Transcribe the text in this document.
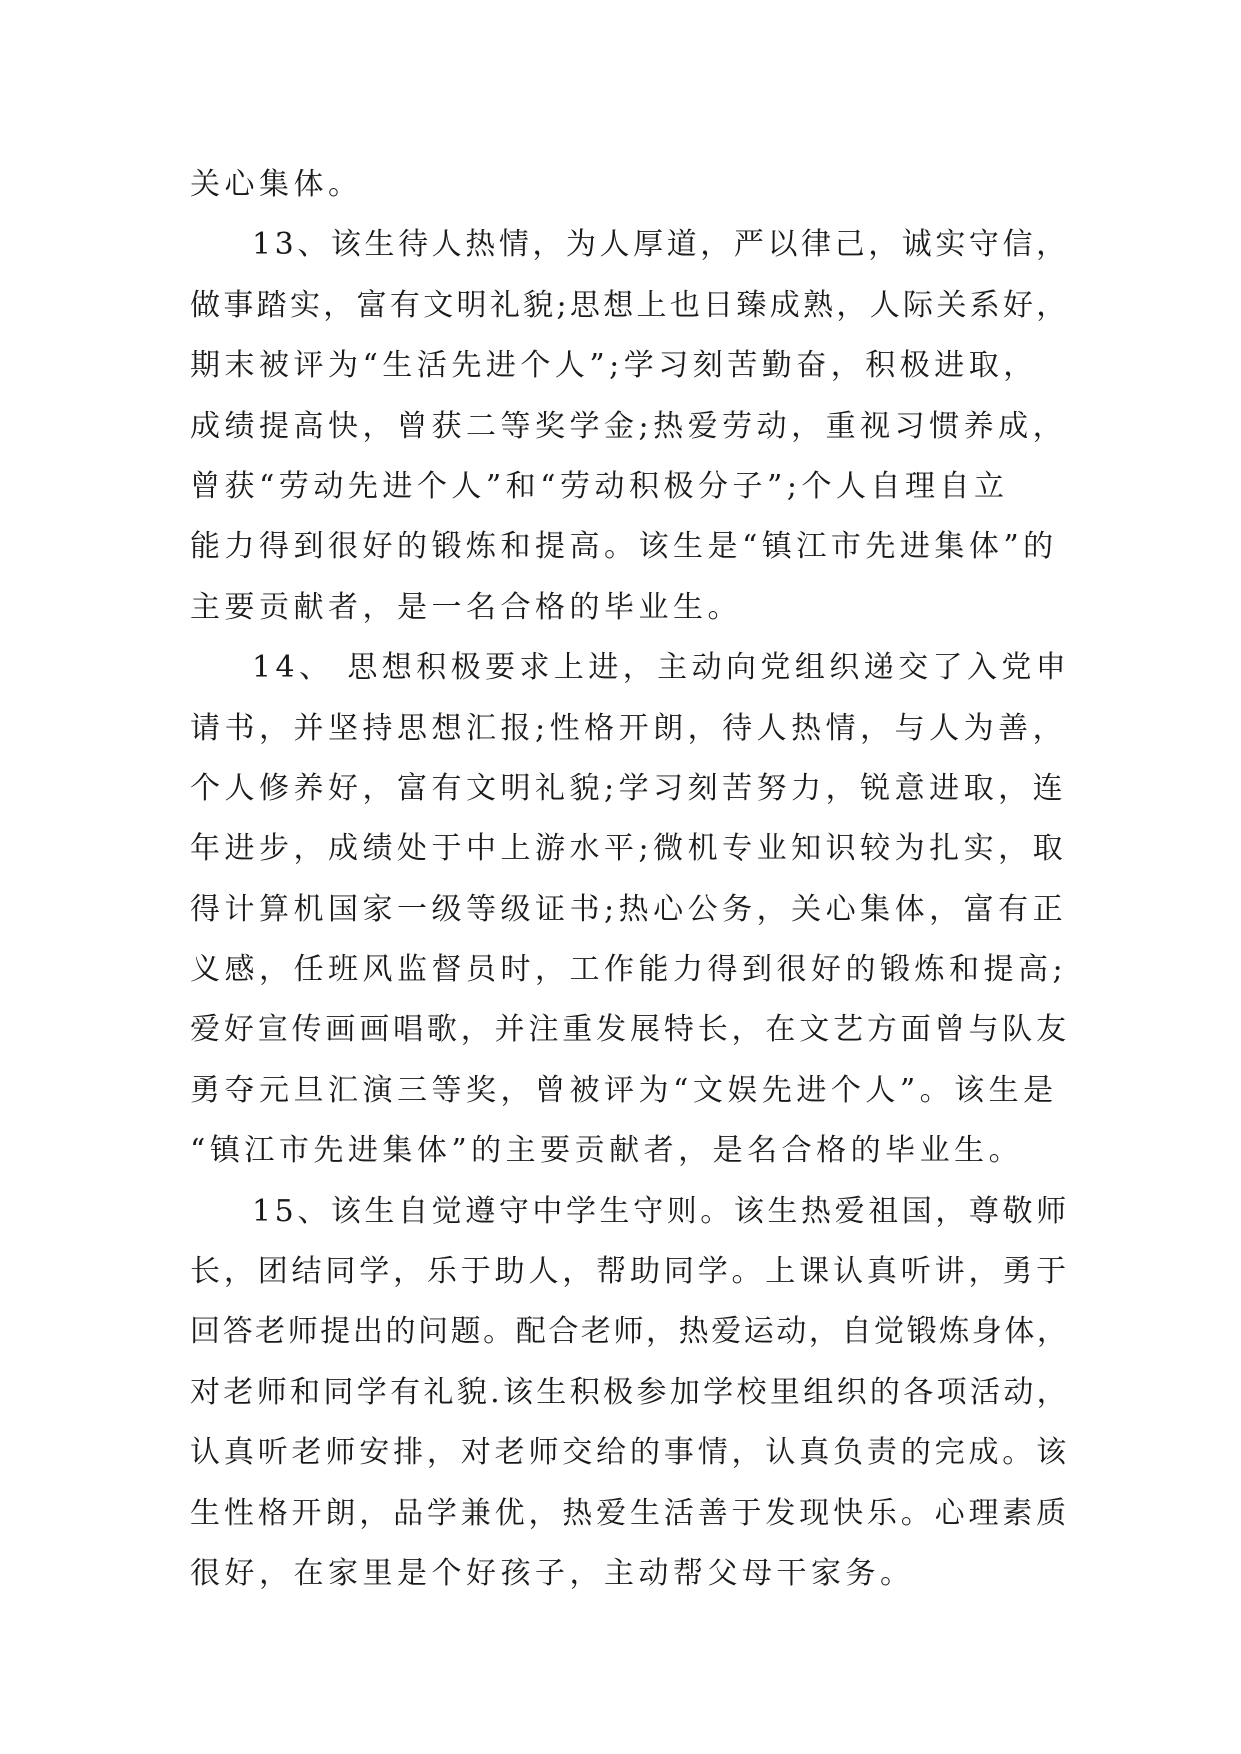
关心集体。
13、该生待人热情，为人厚道，严以律己，诚实守信，
做事踏实，富有文明礼貌;思想上也日臻成熟，人际关系好，
期末被评为“生活先进个人”;学习刻苦勤奋，积极进取，
成绩提高快，曾获二等奖学金;热爱劳动，重视习惯养成，
曾获“劳动先进个人”和“劳动积极分子”;个人自理自立
能力得到很好的锻炼和提高。该生是“镇江市先进集体”的
主要贡献者，是一名合格的毕业生。
14、 思想积极要求上进，主动向党组织递交了入党申
请书，并坚持思想汇报;性格开朗，待人热情，与人为善，
个人修养好，富有文明礼貌;学习刻苦努力，锐意进取，连
年进步，成绩处于中上游水平;微机专业知识较为扎实，取
得计算机国家一级等级证书;热心公务，关心集体，富有正
义感，任班风监督员时，工作能力得到很好的锻炼和提高;
爱好宣传画画唱歌，并注重发展特长，在文艺方面曾与队友
勇夺元旦汇演三等奖，曾被评为“文娱先进个人”。该生是
“镇江市先进集体”的主要贡献者，是名合格的毕业生。
15、该生自觉遵守中学生守则。该生热爱祖国，尊敬师
长，团结同学，乐于助人，帮助同学。上课认真听讲，勇于
回答老师提出的问题。配合老师，热爱运动，自觉锻炼身体，
对老师和同学有礼貌.该生积极参加学校里组织的各项活动，
认真听老师安排，对老师交给的事情，认真负责的完成。该
生性格开朗，品学兼优，热爱生活善于发现快乐。心理素质
很好，在家里是个好孩子，主动帮父母干家务。
